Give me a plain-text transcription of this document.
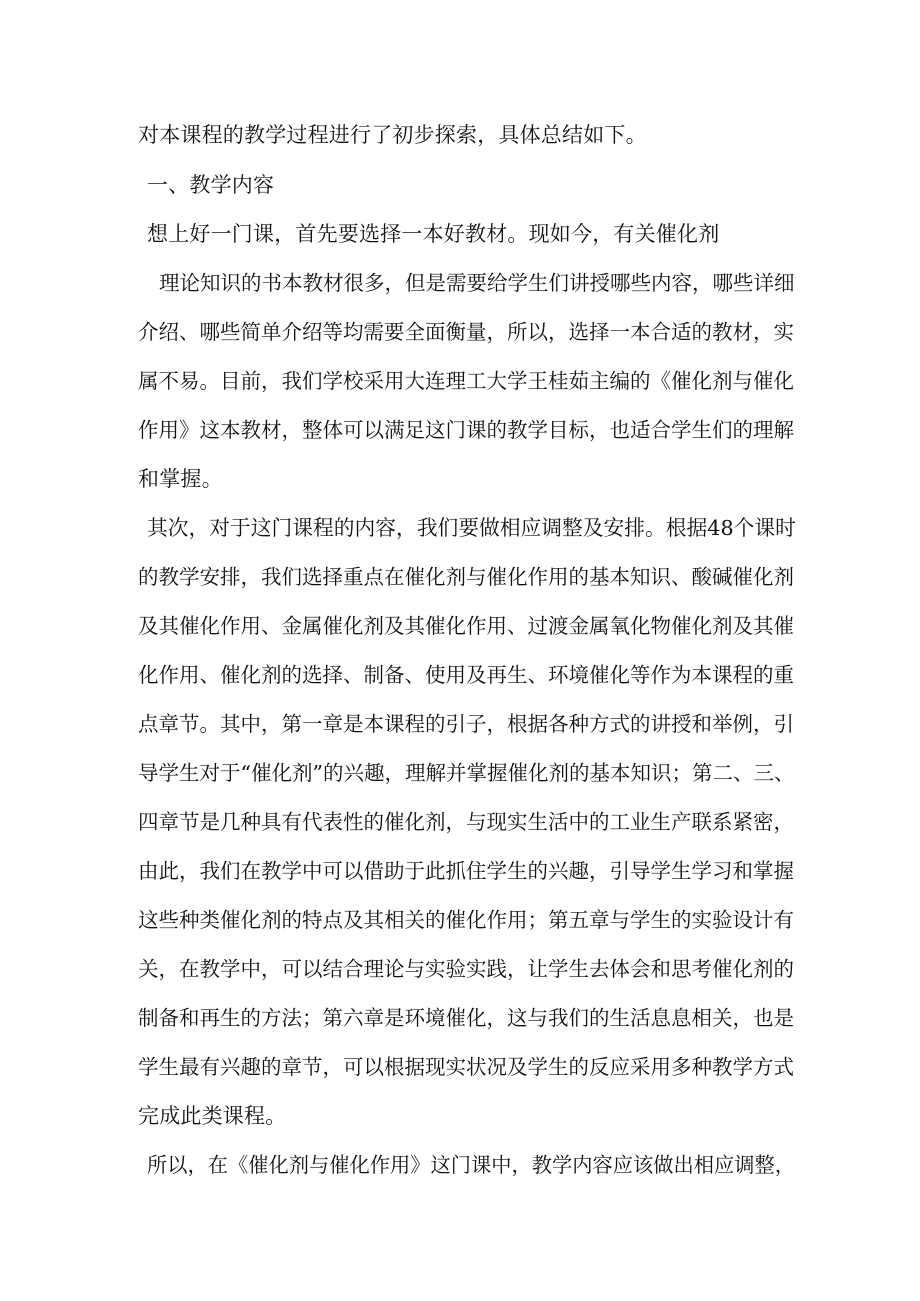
对本课程的教学过程进行了初步探索，具体总结如下。
一、教学内容
想上好一门课，首先要选择一本好教材。现如今，有关催化剂
理论知识的书本教材很多，但是需要给学生们讲授哪些内容，哪些详细
介绍、哪些简单介绍等均需要全面衡量，所以，选择一本合适的教材，实
属不易。目前，我们学校采用大连理工大学王桂茹主编的《催化剂与催化
作用》这本教材，整体可以满足这门课的教学目标，也适合学生们的理解
和掌握。
其次，对于这门课程的内容，我们要做相应调整及安排。根据48个课时
的教学安排，我们选择重点在催化剂与催化作用的基本知识、酸碱催化剂
及其催化作用、金属催化剂及其催化作用、过渡金属氧化物催化剂及其催
化作用、催化剂的选择、制备、使用及再生、环境催化等作为本课程的重
点章节。其中，第一章是本课程的引子，根据各种方式的讲授和举例，引
导学生对于“催化剂”的兴趣，理解并掌握催化剂的基本知识；第二、三、
四章节是几种具有代表性的催化剂，与现实生活中的工业生产联系紧密，
由此，我们在教学中可以借助于此抓住学生的兴趣，引导学生学习和掌握
这些种类催化剂的特点及其相关的催化作用；第五章与学生的实验设计有
关，在教学中，可以结合理论与实验实践，让学生去体会和思考催化剂的
制备和再生的方法；第六章是环境催化，这与我们的生活息息相关，也是
学生最有兴趣的章节，可以根据现实状况及学生的反应采用多种教学方式
完成此类课程。
所以，在《催化剂与催化作用》这门课中，教学内容应该做出相应调整，
